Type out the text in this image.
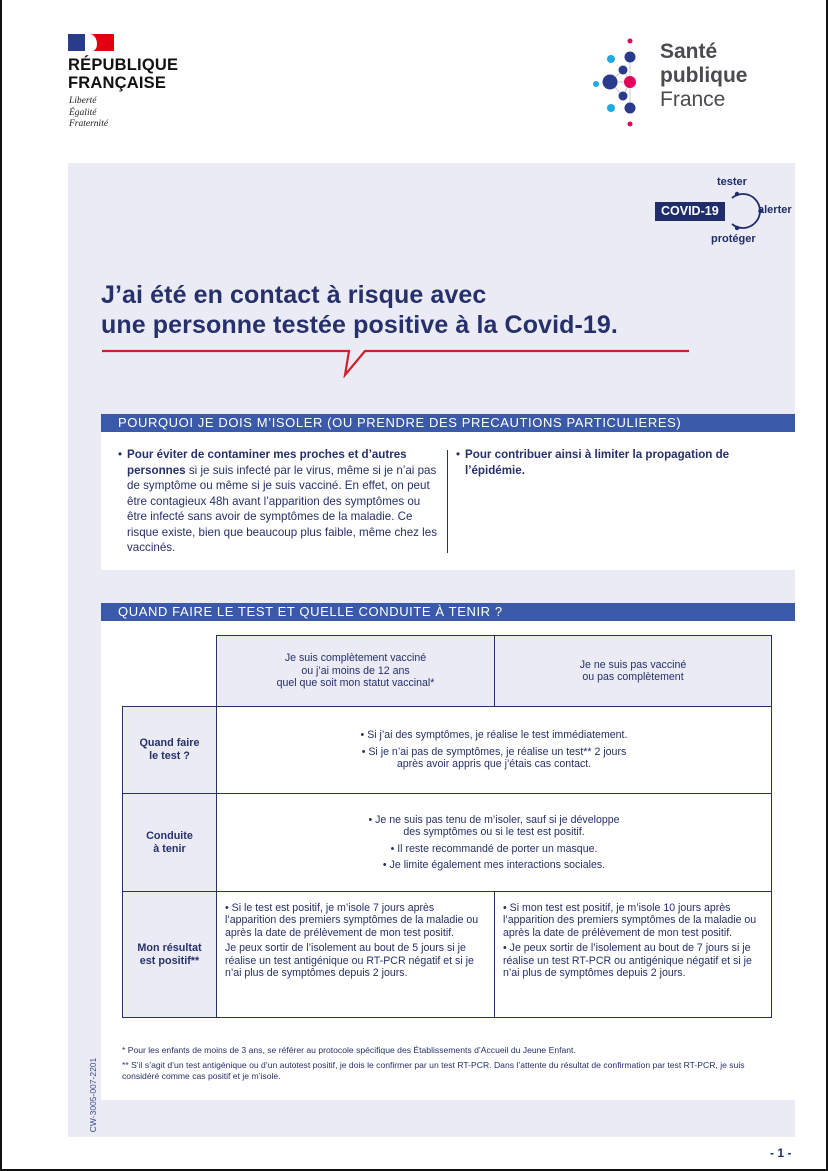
RÉPUBLIQUE
FRANÇAISE
Liberté
Égalité
Fraternité
Santé
publique
France
COVID-19
tester
alerter
protéger
J’ai été en contact à risque avec
une personne testée positive à la Covid-19.
POURQUOI JE DOIS M’ISOLER (OU PRENDRE DES PRECAUTIONS PARTICULIERES)
• Pour éviter de contaminer mes proches et d’autres personnes si je suis infecté par le virus, même si je n’ai pas de symptôme ou même si je suis vacciné. En effet, on peut être contagieux 48h avant l’apparition des symptômes ou être infecté sans avoir de symptômes de la maladie. Ce risque existe, bien que beaucoup plus faible, même chez les vaccinés.
• Pour contribuer ainsi à limiter la propagation de l’épidémie.
QUAND FAIRE LE TEST ET QUELLE CONDUITE À TENIR ?
Je suis complètement vacciné
ou j’ai moins de 12 ans
quel que soit mon statut vaccinal*
Je ne suis pas vacciné
ou pas complètement
Quand faire
le test ?

• Si j’ai des symptômes, je réalise le test immédiatement.

• Si je n’ai pas de symptômes, je réalise un test** 2 jours
après avoir appris que j’étais cas contact.

Conduite
à tenir

• Je ne suis pas tenu de m’isoler, sauf si je développe
des symptômes ou si le test est positif.

• Il reste recommandé de porter un masque.

• Je limite également mes interactions sociales.

Mon résultat
est positif**

• Si le test est positif, je m’isole 7 jours après l’apparition des premiers symptômes de la maladie ou après la date de prélèvement de mon test positif.

Je peux sortir de l’isolement au bout de 5 jours si je réalise un test antigénique ou RT-PCR négatif et si je n’ai plus de symptômes depuis 2 jours.

• Si mon test est positif, je m’isole 10 jours après l’apparition des premiers symptômes de la maladie ou après la date de prélèvement de mon test positif.

• Je peux sortir de l’isolement au bout de 7 jours si je réalise un test RT-PCR ou antigénique négatif et si je n’ai plus de symptômes depuis 2 jours.

* Pour les enfants de moins de 3 ans, se référer au protocole spécifique des Établissements d’Accueil du Jeune Enfant.

** S’il s’agit d’un test antigénique ou d’un autotest positif, je dois le confirmer par un test RT-PCR. Dans l’attente du résultat de confirmation par test RT-PCR, je suis considéré comme cas positif et je m’isole.

CW-3005-007-2201
- 1 -
